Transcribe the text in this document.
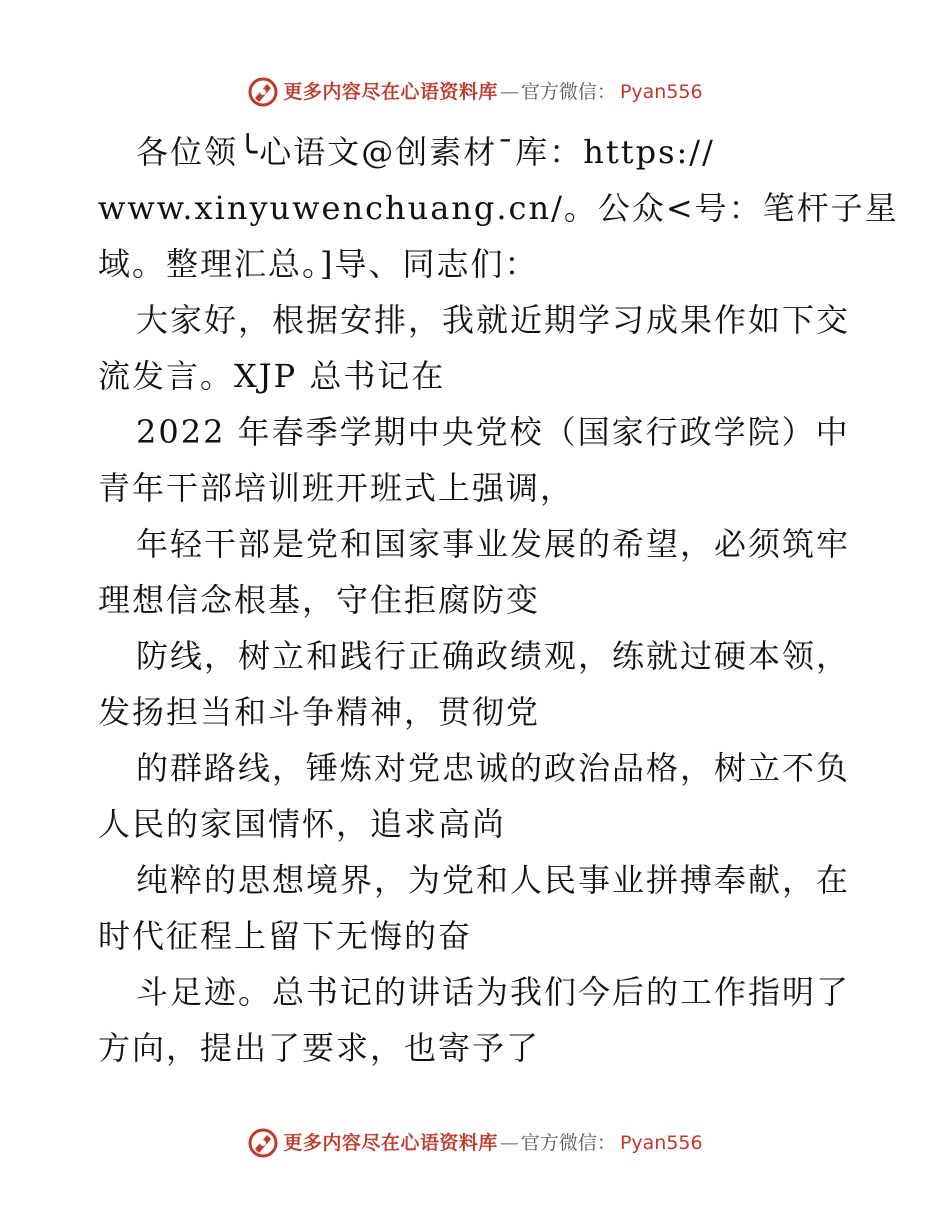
更多内容尽在心语资料库 — 官方微信： Pyan556
各位领╰心语文@创素材¯库：https://
www.xinyuwenchuang.cn/。公众<号：笔杆子星
域。整理汇总。]导、同志们：
大家好，根据安排，我就近期学习成果作如下交
流发言。XJP 总书记在
2022 年春季学期中央党校（国家行政学院）中
青年干部培训班开班式上强调，
年轻干部是党和国家事业发展的希望，必须筑牢
理想信念根基，守住拒腐防变
防线，树立和践行正确政绩观，练就过硬本领，
发扬担当和斗争精神，贯彻党
的群路线，锤炼对党忠诚的政治品格，树立不负
人民的家国情怀，追求高尚
纯粹的思想境界，为党和人民事业拼搏奉献，在
时代征程上留下无悔的奋
斗足迹。总书记的讲话为我们今后的工作指明了
方向，提出了要求，也寄予了
更多内容尽在心语资料库 — 官方微信： Pyan556
